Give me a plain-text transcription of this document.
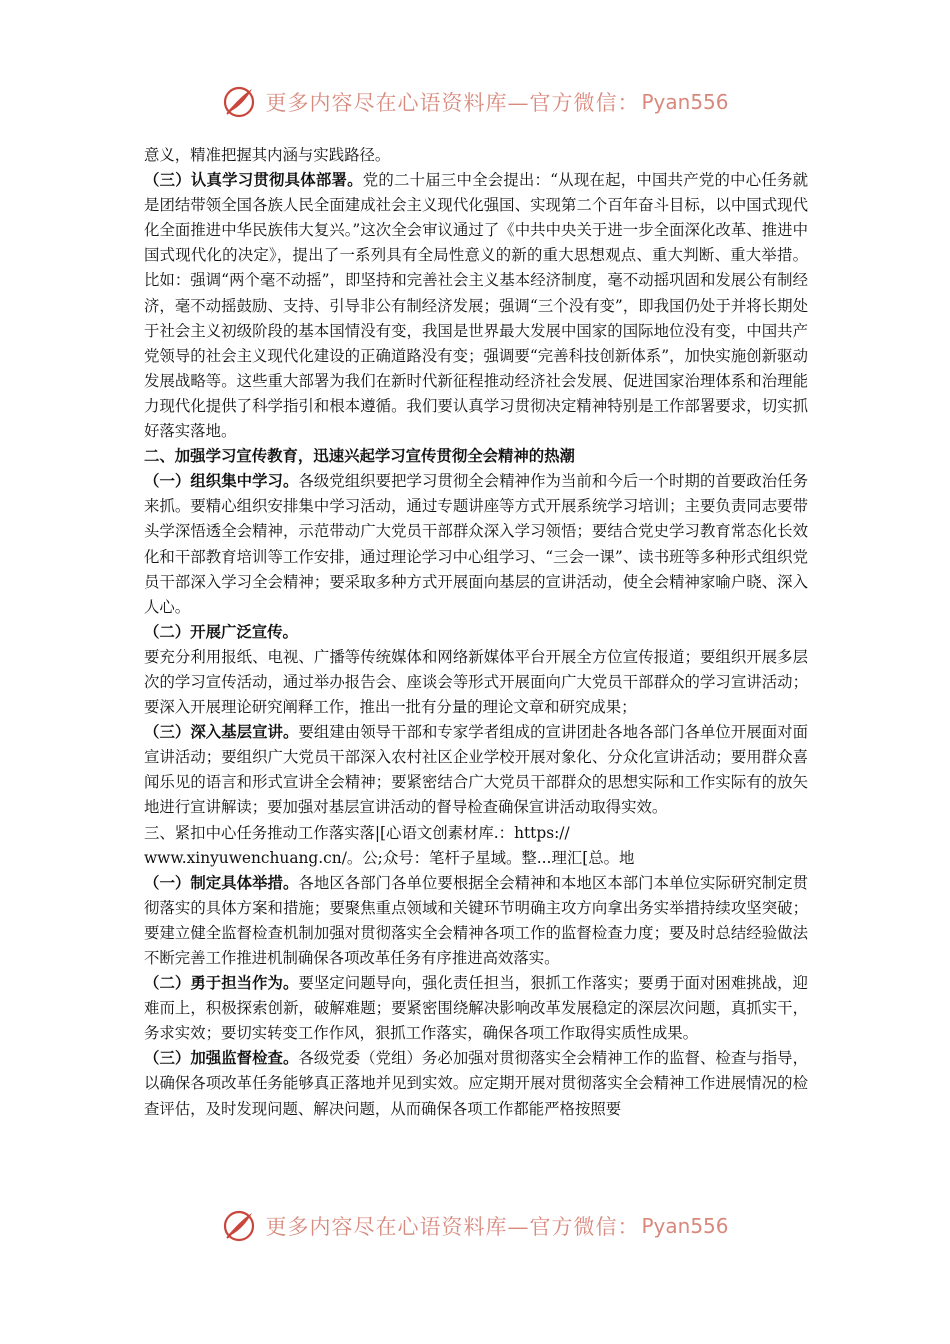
更多内容尽在心语资料库—官方微信： Pyan556

意义，精准把握其内涵与实践路径。

（三）认真学习贯彻具体部署。党的二十届三中全会提出：“从现在起，中国共产党的中心任务就是团结带领全国各族人民全面建成社会主义现代化强国、实现第二个百年奋斗目标，以中国式现代化全面推进中华民族伟大复兴。”这次全会审议通过了《中共中央关于进一步全面深化改革、推进中国式现代化的决定》，提出了一系列具有全局性意义的新的重大思想观点、重大判断、重大举措。比如：强调“两个毫不动摇”，即坚持和完善社会主义基本经济制度，毫不动摇巩固和发展公有制经济，毫不动摇鼓励、支持、引导非公有制经济发展；强调“三个没有变”，即我国仍处于并将长期处于社会主义初级阶段的基本国情没有变，我国是世界最大发展中国家的国际地位没有变，中国共产党领导的社会主义现代化建设的正确道路没有变；强调要“完善科技创新体系”，加快实施创新驱动发展战略等。这些重大部署为我们在新时代新征程推动经济社会发展、促进国家治理体系和治理能力现代化提供了科学指引和根本遵循。我们要认真学习贯彻决定精神特别是工作部署要求，切实抓好落实落地。

二、加强学习宣传教育，迅速兴起学习宣传贯彻全会精神的热潮

（一）组织集中学习。各级党组织要把学习贯彻全会精神作为当前和今后一个时期的首要政治任务来抓。要精心组织安排集中学习活动，通过专题讲座等方式开展系统学习培训；主要负责同志要带头学深悟透全会精神，示范带动广大党员干部群众深入学习领悟；要结合党史学习教育常态化长效化和干部教育培训等工作安排，通过理论学习中心组学习、“三会一课”、读书班等多种形式组织党员干部深入学习全会精神；要采取多种方式开展面向基层的宣讲活动，使全会精神家喻户晓、深入人心。

（二）开展广泛宣传。

要充分利用报纸、电视、广播等传统媒体和网络新媒体平台开展全方位宣传报道；要组织开展多层次的学习宣传活动，通过举办报告会、座谈会等形式开展面向广大党员干部群众的学习宣讲活动；要深入开展理论研究阐释工作，推出一批有分量的理论文章和研究成果；

（三）深入基层宣讲。要组建由领导干部和专家学者组成的宣讲团赴各地各部门各单位开展面对面宣讲活动；要组织广大党员干部深入农村社区企业学校开展对象化、分众化宣讲活动；要用群众喜闻乐见的语言和形式宣讲全会精神；要紧密结合广大党员干部群众的思想实际和工作实际有的放矢地进行宣讲解读；要加强对基层宣讲活动的督导检查确保宣讲活动取得实效。

三、紧扣中心任务推动工作落实落|[心语文创素材库.：https://

www.xinyuwenchuang.cn/。公;众号：笔杆子星域。整...理汇[总。地

（一）制定具体举措。各地区各部门各单位要根据全会精神和本地区本部门本单位实际研究制定贯彻落实的具体方案和措施；要聚焦重点领域和关键环节明确主攻方向拿出务实举措持续攻坚突破；要建立健全监督检查机制加强对贯彻落实全会精神各项工作的监督检查力度；要及时总结经验做法不断完善工作推进机制确保各项改革任务有序推进高效落实。

（二）勇于担当作为。要坚定问题导向，强化责任担当，狠抓工作落实；要勇于面对困难挑战，迎难而上，积极探索创新，破解难题；要紧密围绕解决影响改革发展稳定的深层次问题，真抓实干，务求实效；要切实转变工作作风，狠抓工作落实，确保各项工作取得实质性成果。

（三）加强监督检查。各级党委（党组）务必加强对贯彻落实全会精神工作的监督、检查与指导，以确保各项改革任务能够真正落地并见到实效。应定期开展对贯彻落实全会精神工作进展情况的检查评估，及时发现问题、解决问题，从而确保各项工作都能严格按照要

更多内容尽在心语资料库—官方微信： Pyan556
